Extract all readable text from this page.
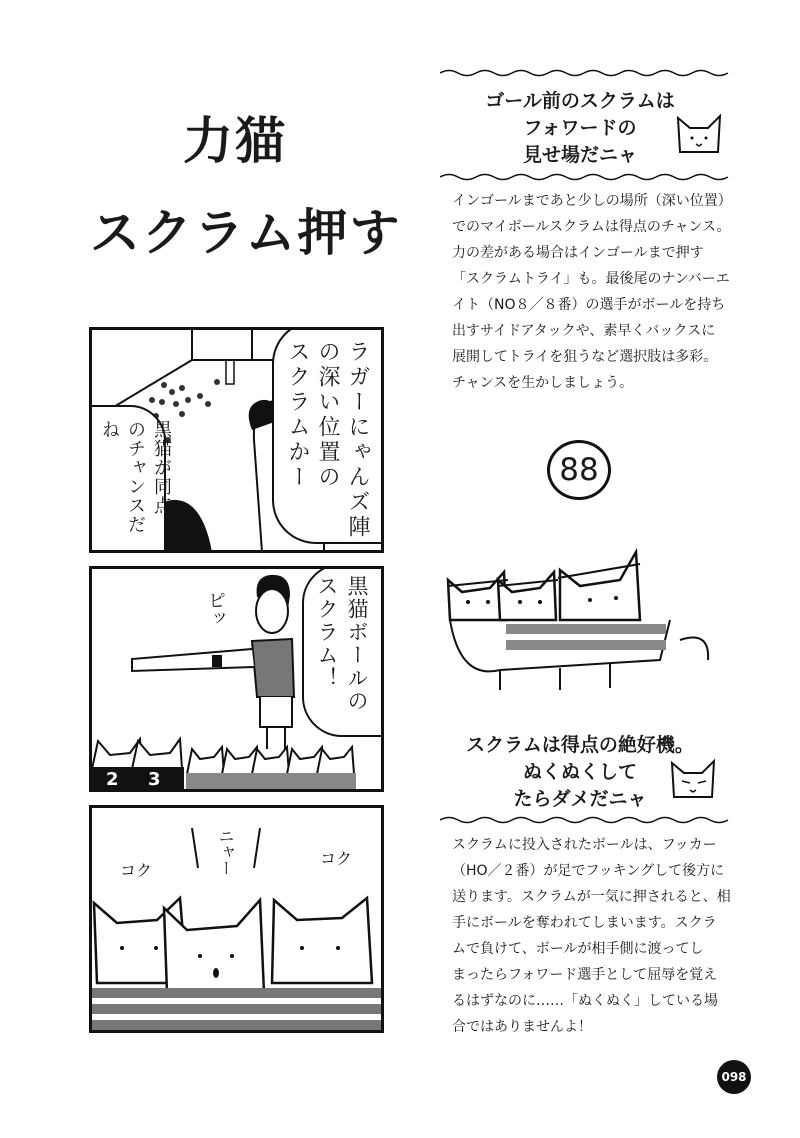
力猫
スクラム押す
ラガーにゃんズ陣
の深い位置の
スクラムかー
黒猫が同点
のチャンスだね
ピッ
2 3
黒猫ボールの
スクラム！
コク	ニャー	コク
ゴール前のスクラムは
フォワードの
見せ場だニャ
インゴールまであと少しの場所（深い位置）
でのマイボールスクラムは得点のチャンス。
力の差がある場合はインゴールまで押す
「スクラムトライ」も。最後尾のナンバーエ
イト（NO８／８番）の選手がボールを持ち
出すサイドアタックや、素早くバックスに
展開してトライを狙うなど選択肢は多彩。
チャンスを生かしましょう。
88
スクラムは得点の絶好機。
ぬくぬくして
たらダメだニャ
スクラムに投入されたボールは、フッカー
（HO／２番）が足でフッキングして後方に
送ります。スクラムが一気に押されると、相
手にボールを奪われてしまいます。スクラ
ムで負けて、ボールが相手側に渡ってし
まったらフォワード選手として屈辱を覚え
るはずなのに……「ぬくぬく」している場
合ではありませんよ！
098
